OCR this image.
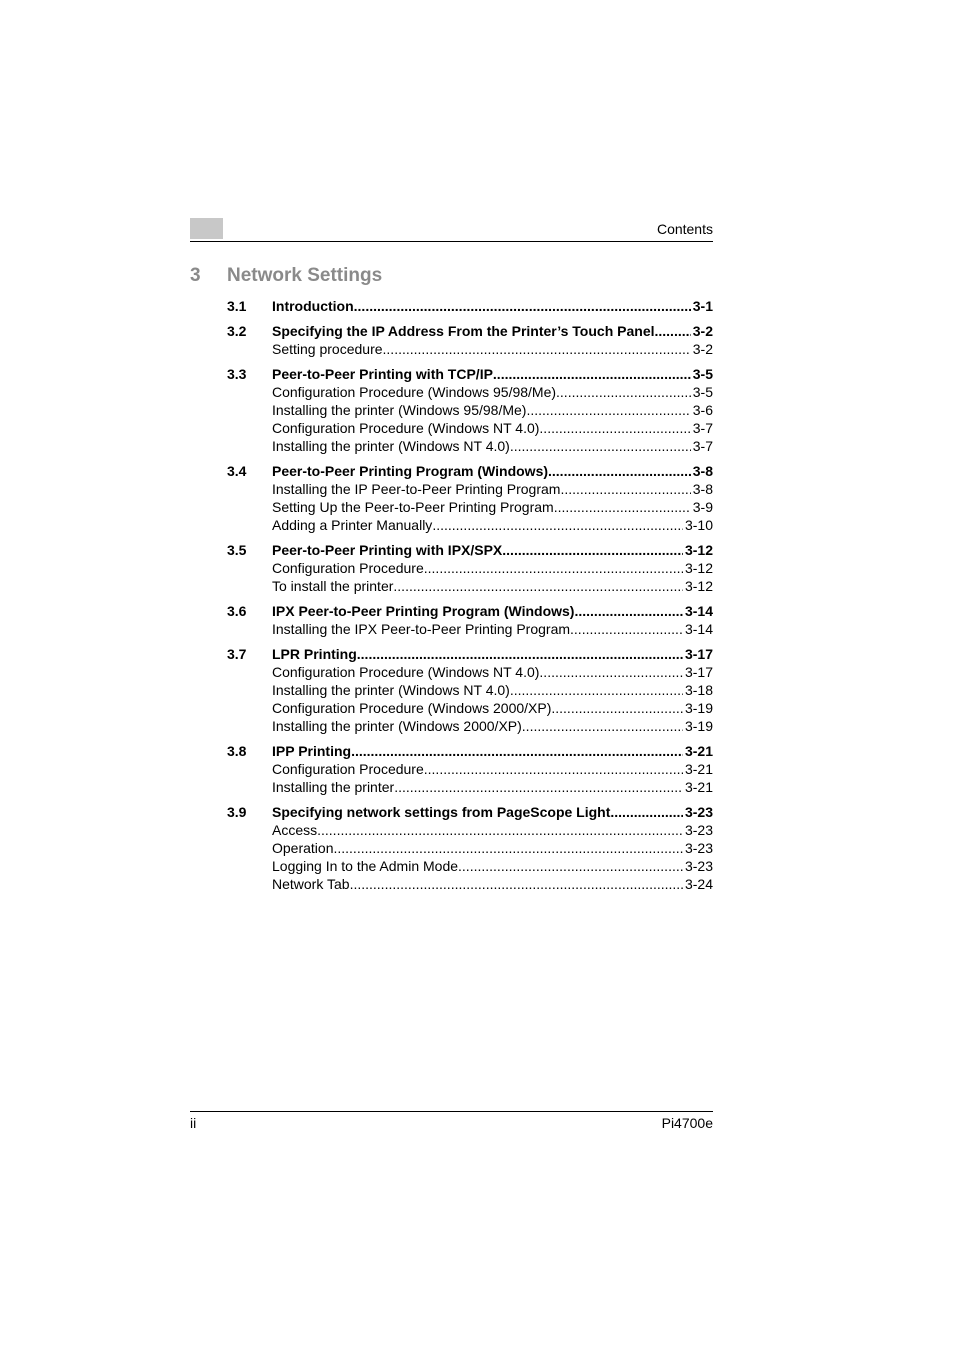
Contents
3 Network Settings
3.1	Introduction .....	3-1
3.2	Specifying the IP Address From the Printer’s Touch Panel .....	3-2
Setting procedure .....	3-2
3.3	Peer-to-Peer Printing with TCP/IP .....	3-5
Configuration Procedure (Windows 95/98/Me) .....	3-5
Installing the printer (Windows 95/98/Me) .....	3-6
Configuration Procedure (Windows NT 4.0) .....	3-7
Installing the printer (Windows NT 4.0) .....	3-7
3.4	Peer-to-Peer Printing Program (Windows) .....	3-8
Installing the IP Peer-to-Peer Printing Program .....	3-8
Setting Up the Peer-to-Peer Printing Program .....	3-9
Adding a Printer Manually .....	3-10
3.5	Peer-to-Peer Printing with IPX/SPX .....	3-12
Configuration Procedure .....	3-12
To install the printer .....	3-12
3.6	IPX Peer-to-Peer Printing Program (Windows) .....	3-14
Installing the IPX Peer-to-Peer Printing Program .....	3-14
3.7	LPR Printing .....	3-17
Configuration Procedure (Windows NT 4.0) .....	3-17
Installing the printer (Windows NT 4.0) .....	3-18
Configuration Procedure (Windows 2000/XP) .....	3-19
Installing the printer (Windows 2000/XP) .....	3-19
3.8	IPP Printing .....	3-21
Configuration Procedure .....	3-21
Installing the printer .....	3-21
3.9	Specifying network settings from PageScope Light .....	3-23
Access .....	3-23
Operation .....	3-23
Logging In to the Admin Mode .....	3-23
Network Tab .....	3-24
ii	Pi4700e
